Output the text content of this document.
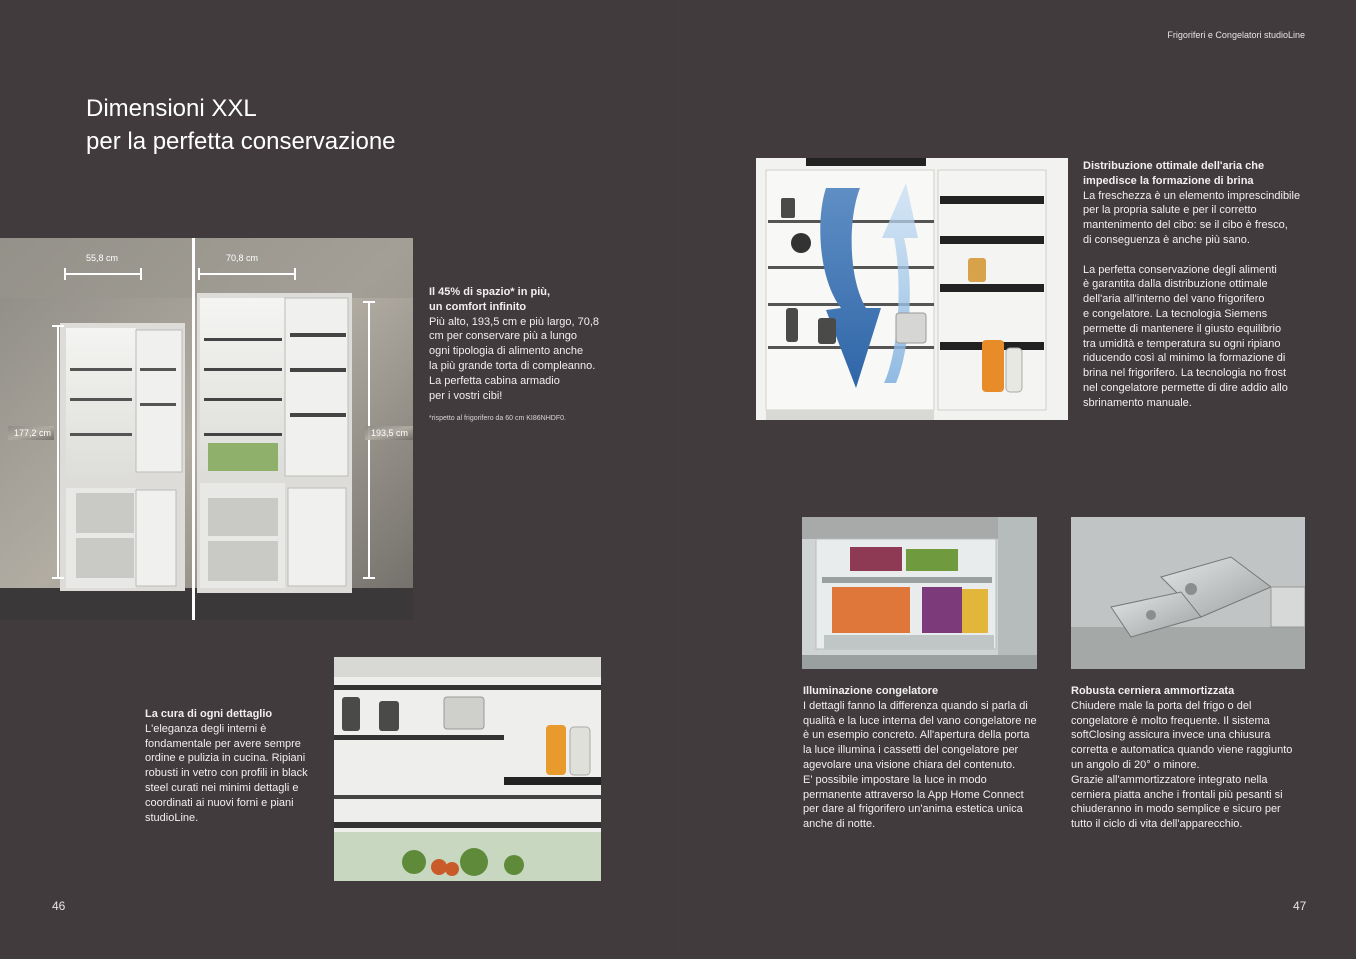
Frigoriferi e Congelatori studioLine
Dimensioni XXL
per la perfetta conservazione
55,8 cm	70,8 cm
177,2 cm	193,5 cm
Il 45% di spazio* in più,
un comfort infinito

Più alto, 193,5 cm e più largo, 70,8

cm per conservare più a lungo

ogni tipologia di alimento anche

la più grande torta di compleanno.

La perfetta cabina armadio

per i vostri cibi!

*rispetto al frigorifero da 60 cm KI86NHDF0.
La cura di ogni dettaglio

L'eleganza degli interni è

fondamentale per avere sempre

ordine e pulizia in cucina. Ripiani

robusti in vetro con profili in black

steel curati nei minimi dettagli e

coordinati ai nuovi forni e piani

studioLine.

Distribuzione ottimale dell'aria che
impedisce la formazione di brina

La freschezza è un elemento imprescindibile

per la propria salute e per il corretto

mantenimento del cibo: se il cibo è fresco,

di conseguenza è anche più sano.

La perfetta conservazione degli alimenti

è garantita dalla distribuzione ottimale

dell'aria all'interno del vano frigorifero

e congelatore. La tecnologia Siemens

permette di mantenere il giusto equilibrio

tra umidità e temperatura su ogni ripiano

riducendo così al minimo la formazione di

brina nel frigorifero. La tecnologia no frost

nel congelatore permette di dire addio allo

sbrinamento manuale.

Illuminazione congelatore

I dettagli fanno la differenza quando si parla di

qualità e la luce interna del vano congelatore ne

è un esempio concreto. All'apertura della porta

la luce illumina i cassetti del congelatore per

agevolare una visione chiara del contenuto.

E' possibile impostare la luce in modo

permanente attraverso la App Home Connect

per dare al frigorifero un'anima estetica unica

anche di notte.

Robusta cerniera ammortizzata

Chiudere male la porta del frigo o del

congelatore è molto frequente. Il sistema

softClosing assicura invece una chiusura

corretta e automatica quando viene raggiunto

un angolo di 20° o minore.

Grazie all'ammortizzatore integrato nella

cerniera piatta anche i frontali più pesanti si

chiuderanno in modo semplice e sicuro per

tutto il ciclo di vita dell'apparecchio.

46	47
